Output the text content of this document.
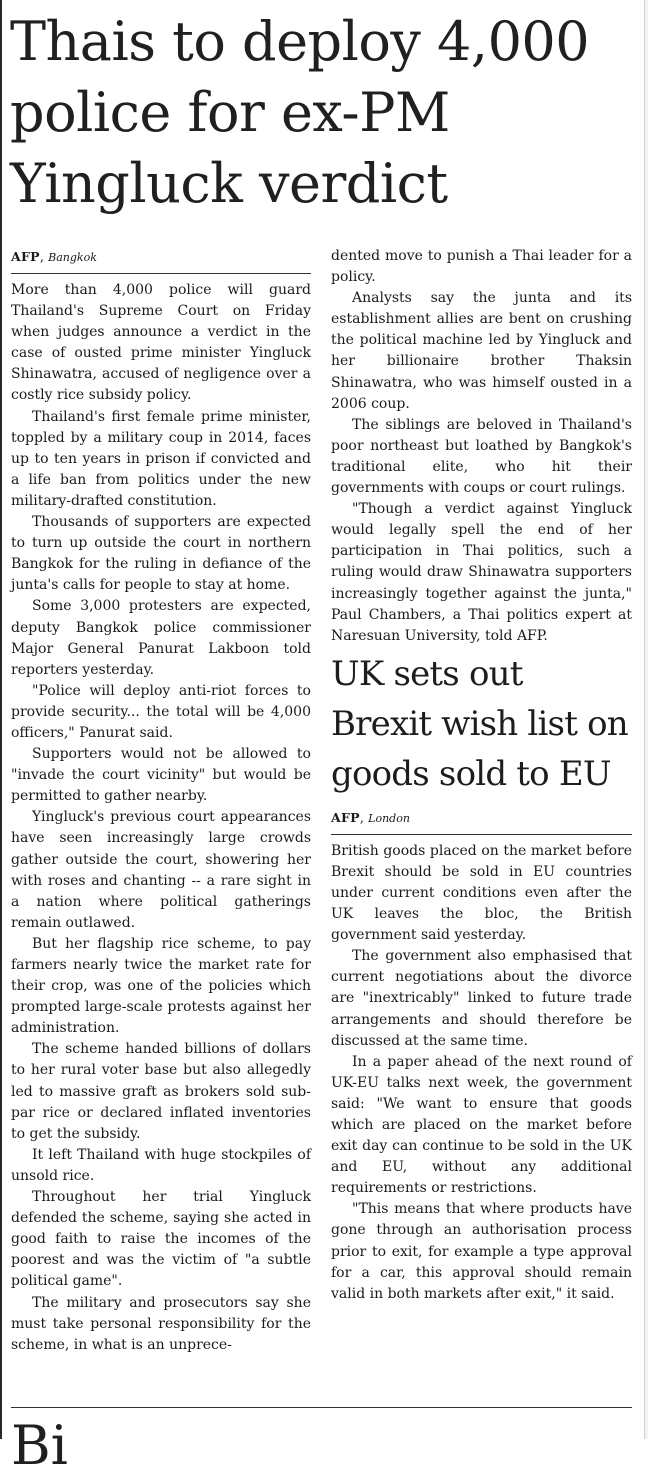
Thais to deploy 4,000 police for ex-PM Yingluck verdict
AFP, Bangkok

More than 4,000 police will guard Thailand's Supreme Court on Friday when judges announce a verdict in the case of ousted prime minister Yingluck Shinawatra, accused of negligence over a costly rice subsidy policy.

Thailand's first female prime minister, toppled by a military coup in 2014, faces up to ten years in prison if convicted and a life ban from politics under the new military-drafted constitution.

Thousands of supporters are expected to turn up outside the court in northern Bangkok for the ruling in defiance of the junta's calls for people to stay at home.

Some 3,000 protesters are expected, deputy Bangkok police commissioner Major General Panurat Lakboon told reporters yesterday.

"Police will deploy anti-riot forces to provide security... the total will be 4,000 officers," Panurat said.

Supporters would not be allowed to "invade the court vicinity" but would be permitted to gather nearby.

Yingluck's previous court appearances have seen increasingly large crowds gather outside the court, showering her with roses and chanting -- a rare sight in a nation where political gatherings remain outlawed.

But her flagship rice scheme, to pay farmers nearly twice the market rate for their crop, was one of the policies which prompted large-scale protests against her administration.

The scheme handed billions of dollars to her rural voter base but also allegedly led to massive graft as brokers sold sub-par rice or declared inflated inventories to get the subsidy.

It left Thailand with huge stockpiles of unsold rice.

Throughout her trial Yingluck defended the scheme, saying she acted in good faith to raise the incomes of the poorest and was the victim of "a subtle political game".

The military and prosecutors say she must take personal responsibility for the scheme, in what is an unprece-

dented move to punish a Thai leader for a policy.

Analysts say the junta and its establishment allies are bent on crushing the political machine led by Yingluck and her billionaire brother Thaksin Shinawatra, who was himself ousted in a 2006 coup.

The siblings are beloved in Thailand's poor northeast but loathed by Bangkok's traditional elite, who hit their governments with coups or court rulings.

"Though a verdict against Yingluck would legally spell the end of her participation in Thai politics, such a ruling would draw Shinawatra supporters increasingly together against the junta," Paul Chambers, a Thai politics expert at Naresuan University, told AFP.

UK sets out Brexit wish list on goods sold to EU
AFP, London

British goods placed on the market before Brexit should be sold in EU countries under current conditions even after the UK leaves the bloc, the British government said yesterday.

The government also emphasised that current negotiations about the divorce are "inextricably" linked to future trade arrangements and should therefore be discussed at the same time.

In a paper ahead of the next round of UK-EU talks next week, the government said: "We want to ensure that goods which are placed on the market before exit day can continue to be sold in the UK and EU, without any additional requirements or restrictions.

"This means that where products have gone through an authorisation process prior to exit, for example a type approval for a car, this approval should remain valid in both markets after exit," it said.

Bi
